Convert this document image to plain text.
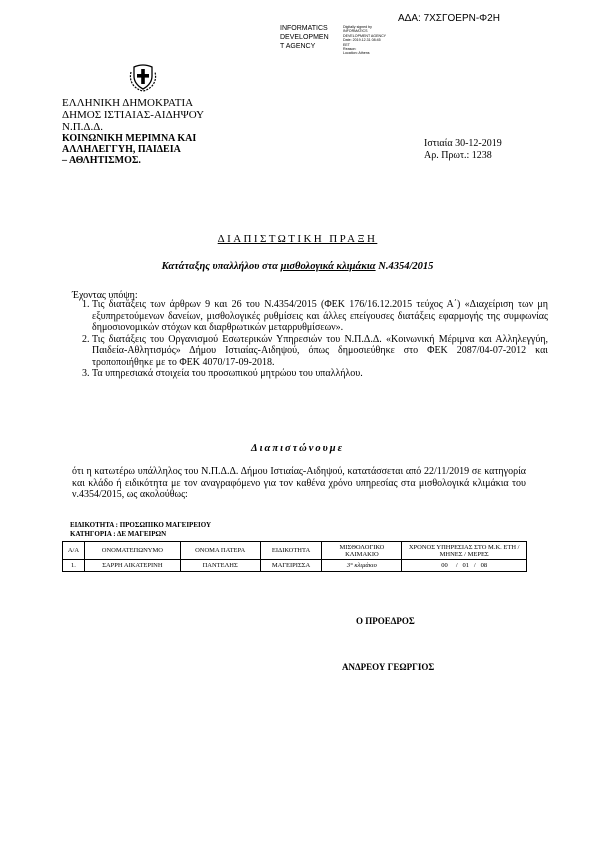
ΑΔΑ: 7ΧΣΓΟΕΡΝ-Φ2Η
INFORMATICS
DEVELOPMEN
T AGENCY
Digitally signed by
INFORMATICS
DEVELOPMENT AGENCY
Date: 2019.12.31 08:45
EET
Reason:
Location: Athens
ΕΛΛΗΝΙΚΗ ΔΗΜΟΚΡΑΤΙΑ
ΔΗΜΟΣ ΙΣΤΙΑΙΑΣ-ΑΙΔΗΨΟΥ
Ν.Π.Δ.Δ.
ΚΟΙΝΩΝΙΚΗ ΜΕΡΙΜΝΑ ΚΑΙ
ΑΛΛΗΛΕΓΓΥΗ, ΠΑΙΔΕΙΑ
– ΑΘΛΗΤΙΣΜΟΣ.
Ιστιαία 30-12-2019
Αρ. Πρωτ.: 1238
ΔΙΑΠΙΣΤΩΤΙΚΗ ΠΡΑΞΗ
Κατάταξης υπαλλήλου στα μισθολογικά κλιμάκια Ν.4354/2015
Έχοντας υπόψη:
1. Τις διατάξεις των άρθρων 9 και 26 του Ν.4354/2015 (ΦΕΚ 176/16.12.2015 τεύχος Α΄) «Διαχείριση των μη εξυπηρετούμενων δανείων, μισθολογικές ρυθμίσεις και άλλες επείγουσες διατάξεις εφαρμογής της συμφωνίας δημοσιονομικών στόχων και διαρθρωτικών μεταρρυθμίσεων».
2. Τις διατάξεις του Οργανισμού Εσωτερικών Υπηρεσιών του Ν.Π.Δ.Δ. «Κοινωνική Μέριμνα και Αλληλεγγύη, Παιδεία-Αθλητισμός» Δήμου Ιστιαίας-Αιδηψού, όπως δημοσιεύθηκε στο ΦΕΚ 2087/04-07-2012 και τροποποιήθηκε με το ΦΕΚ 4070/17-09-2018.
3. Τα υπηρεσιακά στοιχεία του προσωπικού μητρώου του υπαλλήλου.
Διαπιστώνουμε
ότι η κατωτέρω υπάλληλος του Ν.Π.Δ.Δ. Δήμου Ιστιαίας-Αιδηψού, κατατάσσεται από 22/11/2019 σε κατηγορία και κλάδο ή ειδικότητα με τον αναγραφόμενο για τον καθένα χρόνο υπηρεσίας στα μισθολογικά κλιμάκια του ν.4354/2015, ως ακολούθως:
ΕΙΔΙΚΟΤΗΤΑ : ΠΡΟΣΩΠΙΚΟ ΜΑΓΕΙΡΕΙΟΥ
ΚΑΤΗΓΟΡΙΑ : ΔΕ ΜΑΓΕΙΡΩΝ
Α/Α	ΟΝΟΜΑΤΕΠΩΝΥΜΟ	ΟΝΟΜΑ ΠΑΤΕΡΑ	ΕΙΔΙΚΟΤΗΤΑ	ΜΙΣΘΟΛΟΓΙΚΟ ΚΛΙΜΑΚΙΟ	ΧΡΟΝΟΣ ΥΠΗΡΕΣΙΑΣ ΣΤΟ Μ.Κ. ΕΤΗ / ΜΗΝΕΣ / ΜΕΡΕΣ
1.	ΣΑΡΡΗ ΑΙΚΑΤΕΡΙΝΗ	ΠΑΝΤΕΛΗΣ	ΜΑΓΕΙΡΙΣΣΑ	3° κλιμάκιο	00     /   01   /   08
Ο ΠΡΟΕΔΡΟΣ
ΑΝΔΡΕΟΥ ΓΕΩΡΓΙΟΣ
